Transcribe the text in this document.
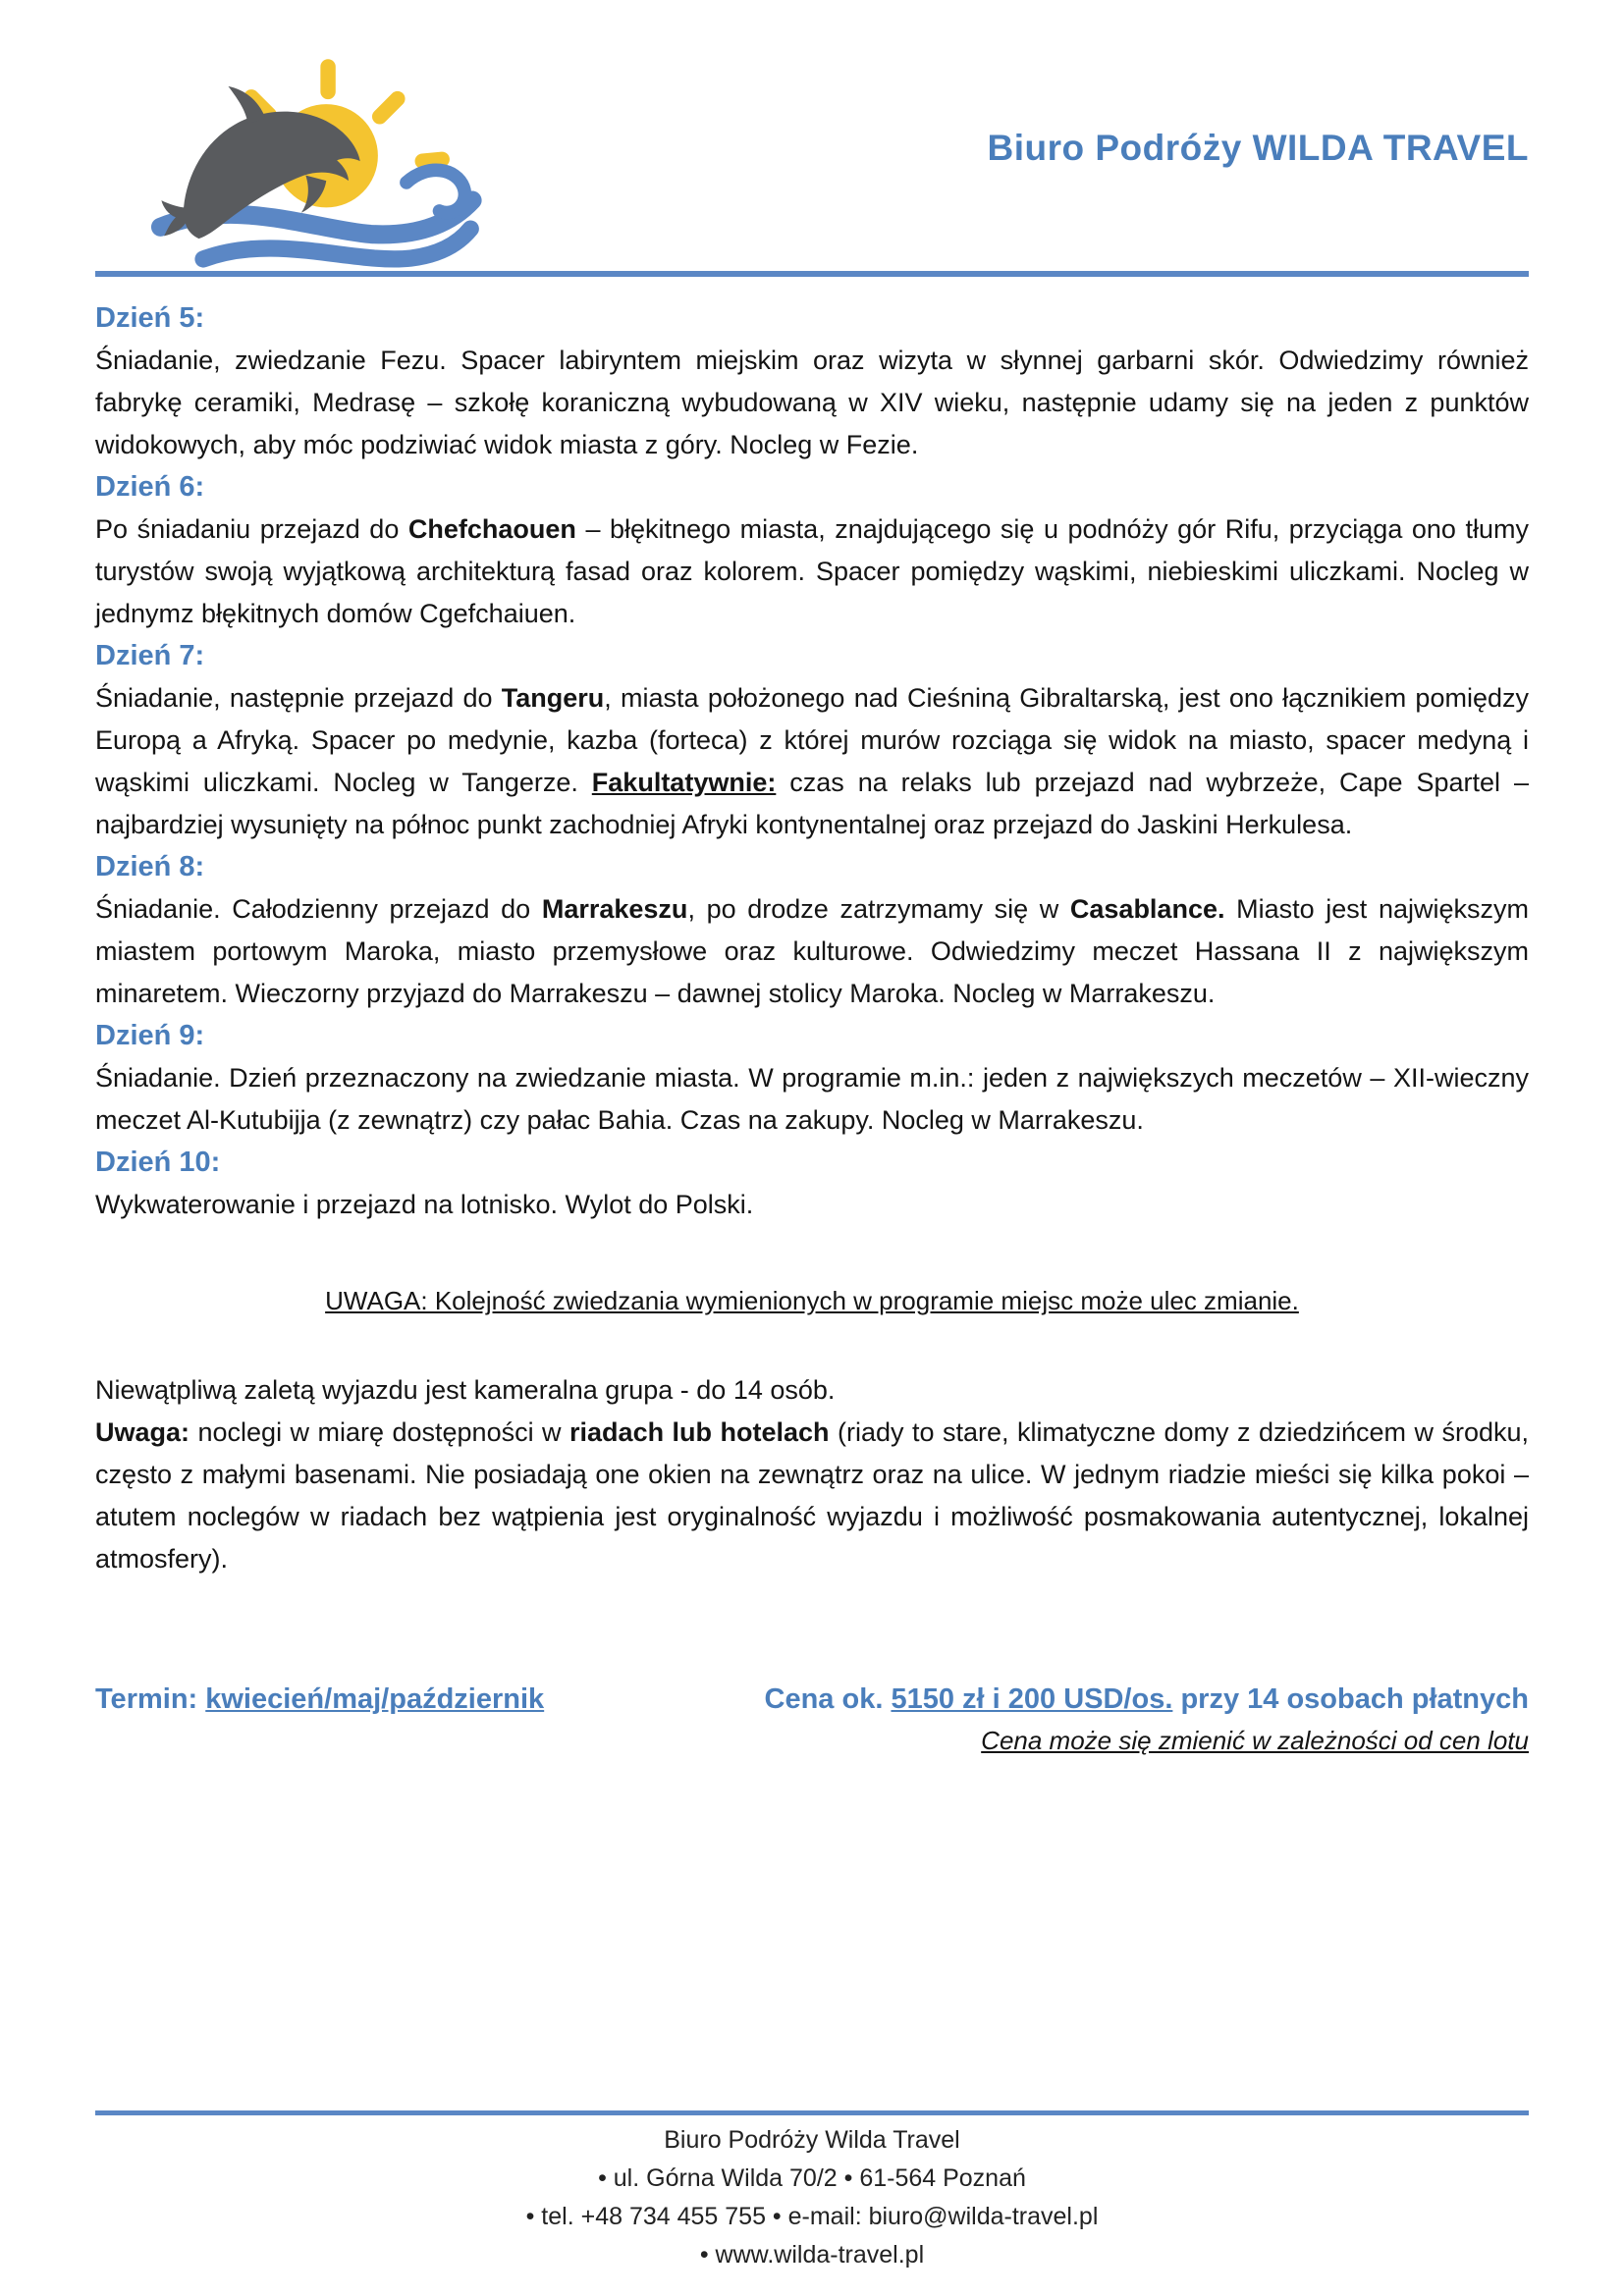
Biuro Podróży WILDA TRAVEL
Dzień 5:
Śniadanie, zwiedzanie Fezu. Spacer labiryntem miejskim oraz wizyta w słynnej garbarni skór. Odwiedzimy również fabrykę ceramiki, Medrasę – szkołę koraniczną wybudowaną w XIV wieku, następnie udamy się na jeden z punktów widokowych, aby móc podziwiać widok miasta z góry. Nocleg w Fezie.
Dzień 6:
Po śniadaniu przejazd do Chefchaouen – błękitnego miasta, znajdującego się u podnóży gór Rifu, przyciąga ono tłumy turystów swoją wyjątkową architekturą fasad oraz kolorem. Spacer pomiędzy wąskimi, niebieskimi uliczkami. Nocleg w jednymz błękitnych domów Cgefchaiuen.
Dzień 7:
Śniadanie, następnie przejazd do Tangeru, miasta położonego nad Cieśniną Gibraltarską, jest ono łącznikiem pomiędzy Europą a Afryką. Spacer po medynie, kazba (forteca) z której murów rozciąga się widok na miasto, spacer medyną i wąskimi uliczkami. Nocleg w Tangerze. Fakultatywnie: czas na relaks lub przejazd nad wybrzeże, Cape Spartel – najbardziej wysunięty na północ punkt zachodniej Afryki kontynentalnej oraz przejazd do Jaskini Herkulesa.
Dzień 8:
Śniadanie. Całodzienny przejazd do Marrakeszu, po drodze zatrzymamy się w Casablance. Miasto jest największym miastem portowym Maroka, miasto przemysłowe oraz kulturowe. Odwiedzimy meczet Hassana II z największym minaretem. Wieczorny przyjazd do Marrakeszu – dawnej stolicy Maroka. Nocleg w Marrakeszu.
Dzień 9:
Śniadanie. Dzień przeznaczony na zwiedzanie miasta. W programie m.in.: jeden z największych meczetów – XII-wieczny meczet Al-Kutubijja (z zewnątrz) czy pałac Bahia. Czas na zakupy. Nocleg w Marrakeszu.
Dzień 10:
Wykwaterowanie i przejazd na lotnisko. Wylot do Polski.
UWAGA: Kolejność zwiedzania wymienionych w programie miejsc może ulec zmianie.
Niewątpliwą zaletą wyjazdu jest kameralna grupa - do 14 osób.
Uwaga: noclegi w miarę dostępności w riadach lub hotelach (riady to stare, klimatyczne domy z dziedzińcem w środku, często z małymi basenami. Nie posiadają one okien na zewnątrz oraz na ulice. W jednym riadzie mieści się kilka pokoi – atutem noclegów w riadach bez wątpienia jest oryginalność wyjazdu i możliwość posmakowania autentycznej, lokalnej atmosfery).
Termin: kwiecień/maj/październik	Cena ok. 5150 zł i 200 USD/os. przy 14 osobach płatnych
Cena może się zmienić w zależności od cen lotu
Biuro Podróży Wilda Travel
• ul. Górna Wilda 70/2 • 61-564 Poznań
• tel. +48 734 455 755 • e-mail: biuro@wilda-travel.pl
• www.wilda-travel.pl
